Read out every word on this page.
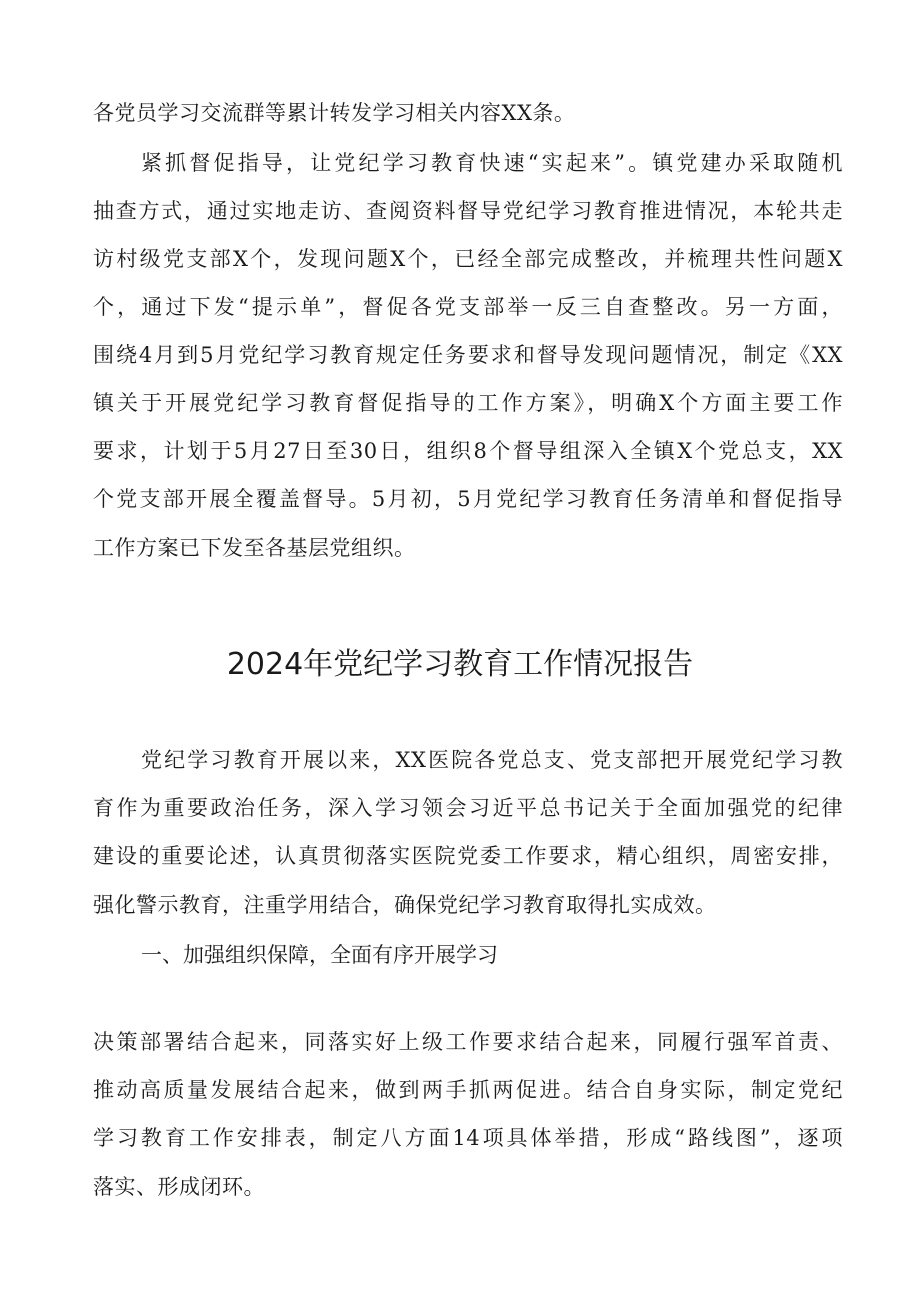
各党员学习交流群等累计转发学习相关内容XX条。
紧抓督促指导，让党纪学习教育快速“实起来”。镇党建办采取随机
抽查方式，通过实地走访、查阅资料督导党纪学习教育推进情况，本轮共走
访村级党支部X个，发现问题X个，已经全部完成整改，并梳理共性问题X
个，通过下发“提示单”，督促各党支部举一反三自查整改。另一方面，
围绕4月到5月党纪学习教育规定任务要求和督导发现问题情况，制定《XX
镇关于开展党纪学习教育督促指导的工作方案》，明确X个方面主要工作
要求，计划于5月27日至30日，组织8个督导组深入全镇X个党总支，XX
个党支部开展全覆盖督导。5月初，5月党纪学习教育任务清单和督促指导
工作方案已下发至各基层党组织。
2024年党纪学习教育工作情况报告
党纪学习教育开展以来，XX医院各党总支、党支部把开展党纪学习教
育作为重要政治任务，深入学习领会习近平总书记关于全面加强党的纪律
建设的重要论述，认真贯彻落实医院党委工作要求，精心组织，周密安排，
强化警示教育，注重学用结合，确保党纪学习教育取得扎实成效。
一、加强组织保障，全面有序开展学习
决策部署结合起来，同落实好上级工作要求结合起来，同履行强军首责、
推动高质量发展结合起来，做到两手抓两促进。结合自身实际，制定党纪
学习教育工作安排表，制定八方面14项具体举措，形成“路线图”，逐项
落实、形成闭环。
